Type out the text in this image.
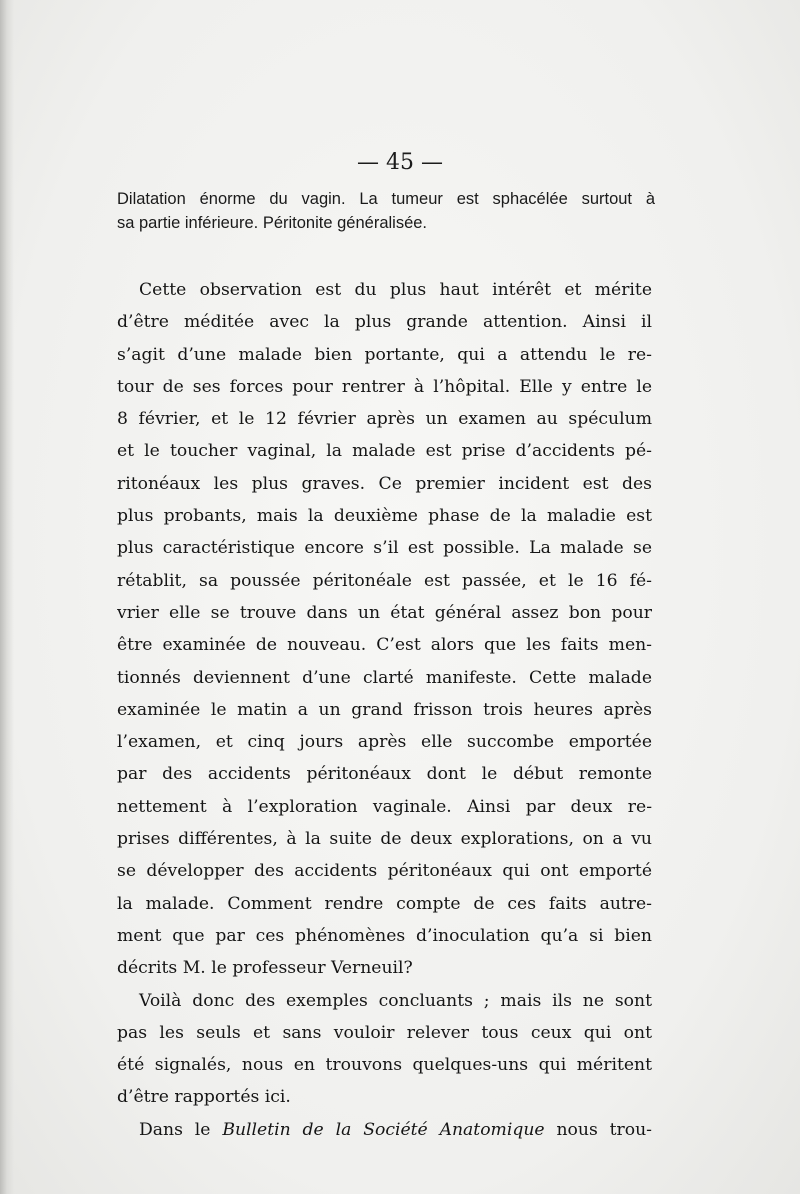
— 45 —
Dilatation énorme du vagin. La tumeur est sphacélée surtout à
sa partie inférieure. Péritonite généralisée.
Cette observation est du plus haut intérêt et mérite
d’être méditée avec la plus grande attention. Ainsi il
s’agit d’une malade bien portante, qui a attendu le re-
tour de ses forces pour rentrer à l’hôpital. Elle y entre le
8 février, et le 12 février après un examen au spéculum
et le toucher vaginal, la malade est prise d’accidents pé-
ritonéaux les plus graves. Ce premier incident est des
plus probants, mais la deuxième phase de la maladie est
plus caractéristique encore s’il est possible. La malade se
rétablit, sa poussée péritonéale est passée, et le 16 fé-
vrier elle se trouve dans un état général assez bon pour
être examinée de nouveau. C’est alors que les faits men-
tionnés deviennent d’une clarté manifeste. Cette malade
examinée le matin a un grand frisson trois heures après
l’examen, et cinq jours après elle succombe emportée
par des accidents péritonéaux dont le début remonte
nettement à l’exploration vaginale. Ainsi par deux re-
prises différentes, à la suite de deux explorations, on a vu
se développer des accidents péritonéaux qui ont emporté
la malade. Comment rendre compte de ces faits autre-
ment que par ces phénomènes d’inoculation qu’a si bien
décrits M. le professeur Verneuil?
Voilà donc des exemples concluants ; mais ils ne sont
pas les seuls et sans vouloir relever tous ceux qui ont
été signalés, nous en trouvons quelques-uns qui méritent
d’être rapportés ici.
Dans le Bulletin de la Société Anatomique nous trou-
